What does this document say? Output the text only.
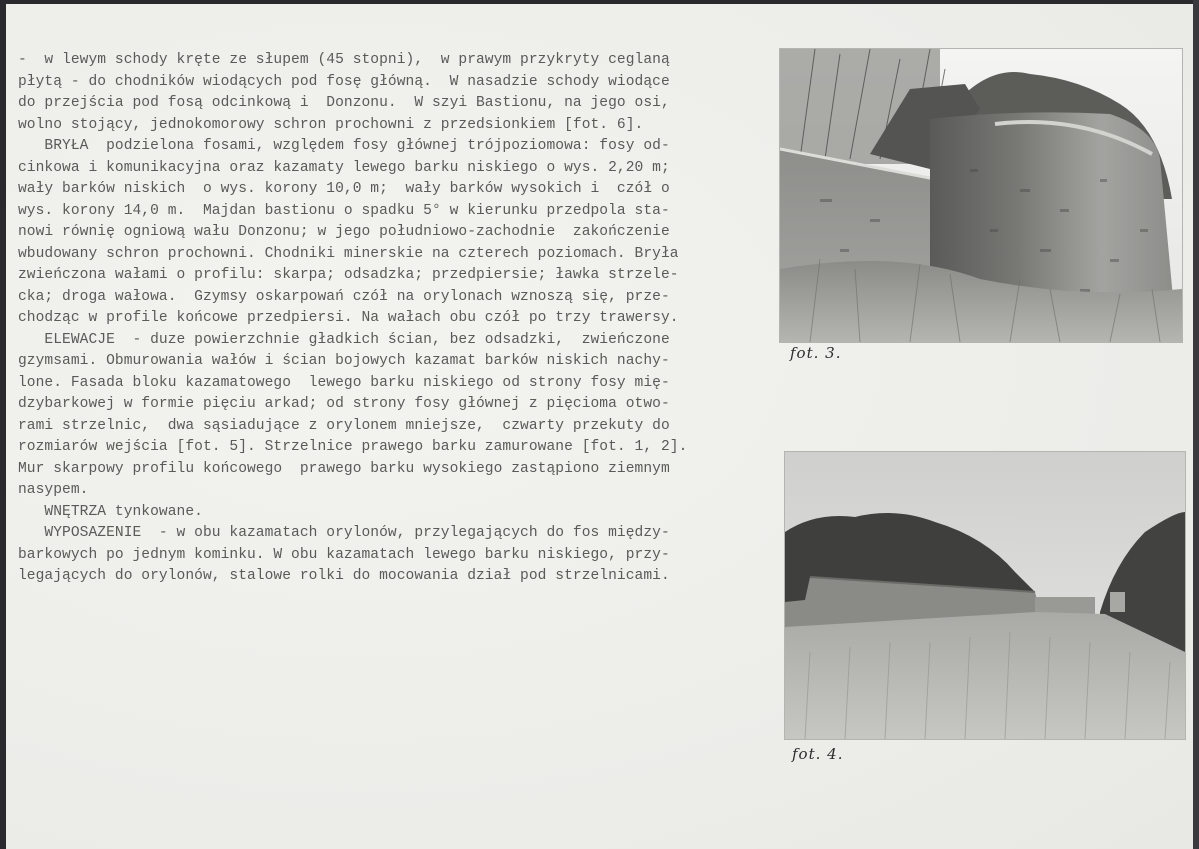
-  w lewym schody kręte ze słupem (45 stopni),  w prawym przykryty ceglaną
płytą - do chodników wiodących pod fosę główną.  W nasadzie schody wiodące
do przejścia pod fosą odcinkową i  Donzonu.  W szyi Bastionu, na jego osi,
wolno stojący, jednokomorowy schron prochowni z przedsionkiem [fot. 6].
BRYŁA  podzielona fosami, względem fosy głównej trójpoziomowa: fosy od-
cinkowa i komunikacyjna oraz kazamaty lewego barku niskiego o wys. 2,20 m;
wały barków niskich  o wys. korony 10,0 m;  wały barków wysokich i  czół o
wys. korony 14,0 m.  Majdan bastionu o spadku 5° w kierunku przedpola sta-
nowi równię ogniową wału Donzonu; w jego południowo-zachodnie  zakończenie
wbudowany schron prochowni. Chodniki minerskie na czterech poziomach. Bryła
zwieńczona wałami o profilu: skarpa; odsadzka; przedpiersie; ławka strzele-
cka; droga wałowa.  Gzymsy oskarpowań czół na orylonach wznoszą się, prze-
chodząc w profile końcowe przedpiersi. Na wałach obu czół po trzy trawersy.
ELEWACJE  - duze powierzchnie gładkich ścian, bez odsadzki,  zwieńczone
gzymsami. Obmurowania wałów i ścian bojowych kazamat barków niskich nachy-
lone. Fasada bloku kazamatowego  lewego barku niskiego od strony fosy mię-
dzybarkowej w formie pięciu arkad; od strony fosy głównej z pięcioma otwo-
rami strzelnic,  dwa sąsiadujące z orylonem mniejsze,  czwarty przekuty do
rozmiarów wejścia [fot. 5]. Strzelnice prawego barku zamurowane [fot. 1, 2].
Mur skarpowy profilu końcowego  prawego barku wysokiego zastąpiono ziemnym
nasypem.
WNĘTRZA tynkowane.
WYPOSAZENIE  - w obu kazamatach orylonów, przylegających do fos między-
barkowych po jednym kominku. W obu kazamatach lewego barku niskiego, przy-
legających do orylonów, stalowe rolki do mocowania dział pod strzelnicami.
fot. 3.
fot. 4.
